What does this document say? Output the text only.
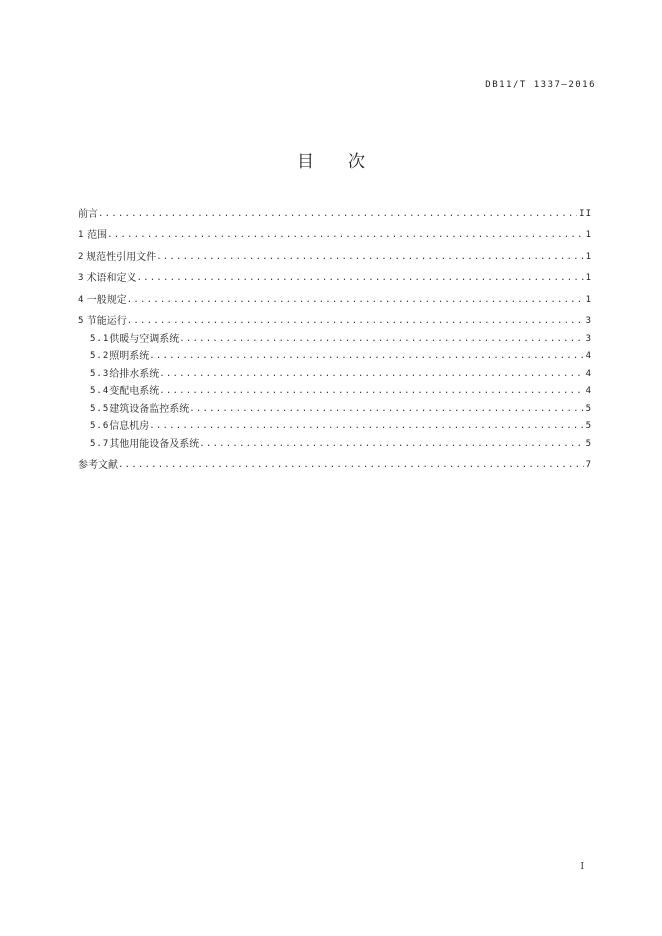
DB11/T 1337—2016
目次
前言 .....	II
1 范围 .....	1
2 规范性引用文件 .....	1
3 术语和定义 .....	1
4 一般规定 .....	1
5 节能运行 .....	3
5.1 供暖与空调系统 .....	3
5.2 照明系统 .....	4
5.3 给排水系统 .....	4
5.4 变配电系统 .....	4
5.5 建筑设备监控系统 .....	5
5.6 信息机房 .....	5
5.7 其他用能设备及系统 .....	5
参考文献 .....	7
I
